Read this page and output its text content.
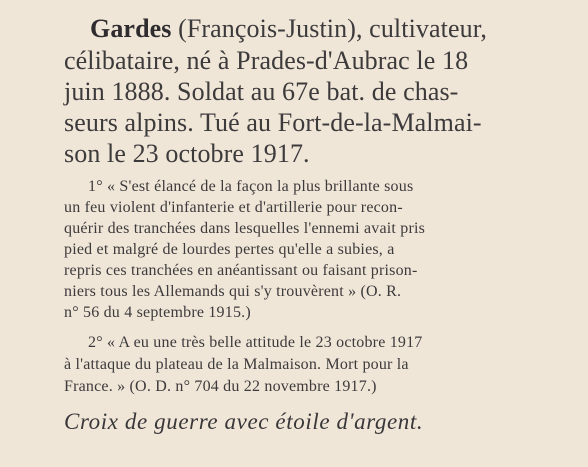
Gardes (François-Justin), cultivateur,
célibataire, né à Prades-d'Aubrac le 18
juin 1888. Soldat au 67e bat. de chas-
seurs alpins. Tué au Fort-de-la-Malmai-
son le 23 octobre 1917.
1° « S'est élancé de la façon la plus brillante sous
un feu violent d'infanterie et d'artillerie pour recon-
quérir des tranchées dans lesquelles l'ennemi avait pris
pied et malgré de lourdes pertes qu'elle a subies, a
repris ces tranchées en anéantissant ou faisant prison-
niers tous les Allemands qui s'y trouvèrent » (O. R.
n° 56 du 4 septembre 1915.)
2° « A eu une très belle attitude le 23 octobre 1917
à l'attaque du plateau de la Malmaison. Mort pour la
France. » (O. D. n° 704 du 22 novembre 1917.)
Croix de guerre avec étoile d'argent.
